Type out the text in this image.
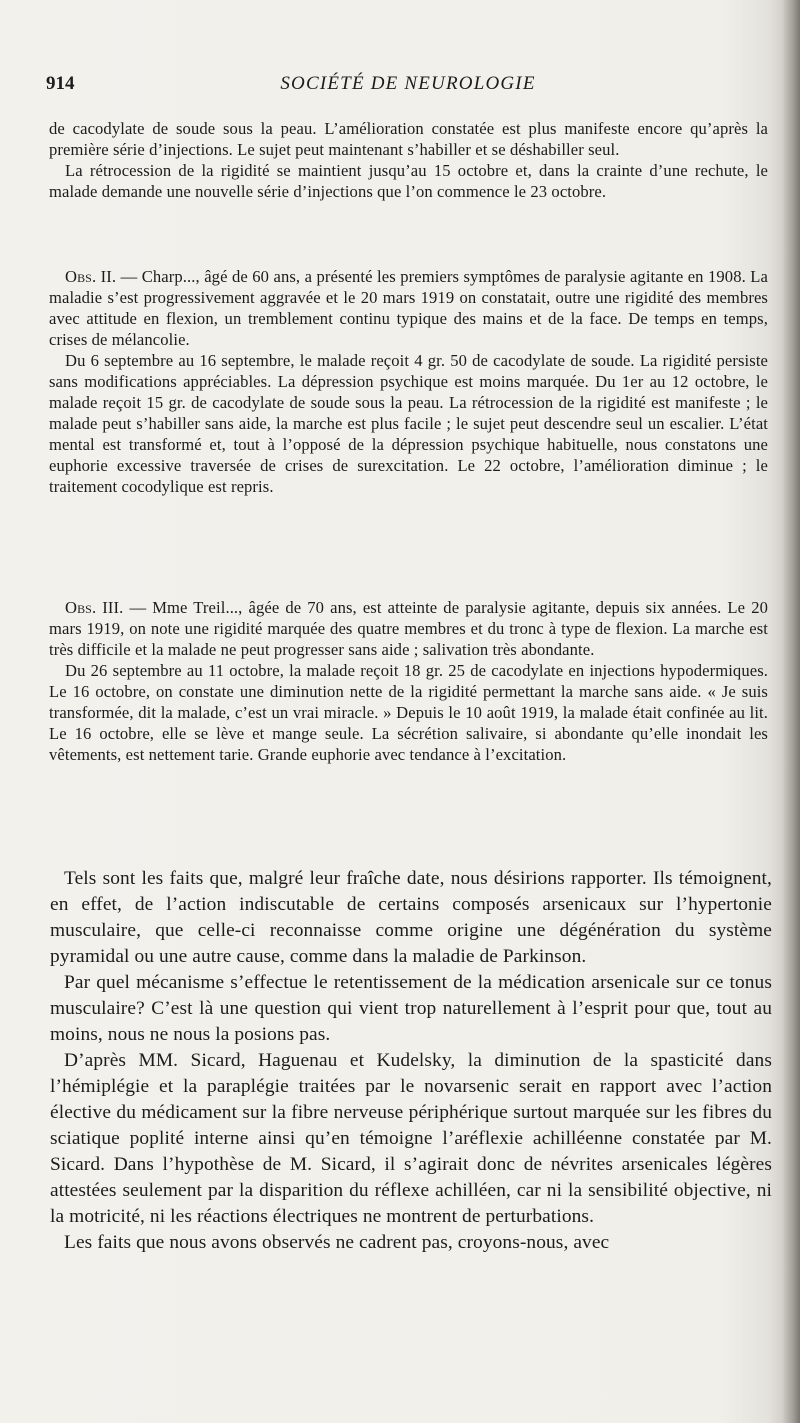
914	SOCIÉTÉ DE NEUROLOGIE

de cacodylate de soude sous la peau. L’amélioration constatée est plus manifeste encore qu’après la première série d’injections. Le sujet peut maintenant s’habiller et se déshabiller seul.

La rétrocession de la rigidité se maintient jusqu’au 15 octobre et, dans la crainte d’une rechute, le malade demande une nouvelle série d’injections que l’on commence le 23 octobre.

Obs. II. — Charp..., âgé de 60 ans, a présenté les premiers symptômes de paralysie agitante en 1908. La maladie s’est progressivement aggravée et le 20 mars 1919 on constatait, outre une rigidité des membres avec attitude en flexion, un tremblement continu typique des mains et de la face. De temps en temps, crises de mélancolie.

Du 6 septembre au 16 septembre, le malade reçoit 4 gr. 50 de cacodylate de soude. La rigidité persiste sans modifications appréciables. La dépression psychique est moins marquée. Du 1er au 12 octobre, le malade reçoit 15 gr. de cacodylate de soude sous la peau. La rétrocession de la rigidité est manifeste ; le malade peut s’habiller sans aide, la marche est plus facile ; le sujet peut descendre seul un escalier. L’état mental est transformé et, tout à l’opposé de la dépression psychique habituelle, nous constatons une euphorie excessive traversée de crises de surexcitation. Le 22 octobre, l’amélioration diminue ; le traitement cocodylique est repris.

Obs. III. — Mme Treil..., âgée de 70 ans, est atteinte de paralysie agitante, depuis six années. Le 20 mars 1919, on note une rigidité marquée des quatre membres et du tronc à type de flexion. La marche est très difficile et la malade ne peut progresser sans aide ; salivation très abondante.

Du 26 septembre au 11 octobre, la malade reçoit 18 gr. 25 de cacodylate en injections hypodermiques. Le 16 octobre, on constate une diminution nette de la rigidité permettant la marche sans aide. « Je suis transformée, dit la malade, c’est un vrai miracle. » Depuis le 10 août 1919, la malade était confinée au lit. Le 16 octobre, elle se lève et mange seule. La sécrétion salivaire, si abondante qu’elle inondait les vêtements, est nettement tarie. Grande euphorie avec tendance à l’excitation.

Tels sont les faits que, malgré leur fraîche date, nous désirions rapporter. Ils témoignent, en effet, de l’action indiscutable de certains composés arsenicaux sur l’hypertonie musculaire, que celle-ci reconnaisse comme origine une dégénération du système pyramidal ou une autre cause, comme dans la maladie de Parkinson.

Par quel mécanisme s’effectue le retentissement de la médication arsenicale sur ce tonus musculaire? C’est là une question qui vient trop naturellement à l’esprit pour que, tout au moins, nous ne nous la posions pas.

D’après MM. Sicard, Haguenau et Kudelsky, la diminution de la spasticité dans l’hémiplégie et la paraplégie traitées par le novarsenic serait en rapport avec l’action élective du médicament sur la fibre nerveuse périphérique surtout marquée sur les fibres du sciatique poplité interne ainsi qu’en témoigne l’aréflexie achilléenne constatée par M. Sicard. Dans l’hypothèse de M. Sicard, il s’agirait donc de névrites arsenicales légères attestées seulement par la disparition du réflexe achilléen, car ni la sensibilité objective, ni la motricité, ni les réactions électriques ne montrent de perturbations.

Les faits que nous avons observés ne cadrent pas, croyons-nous, avec
